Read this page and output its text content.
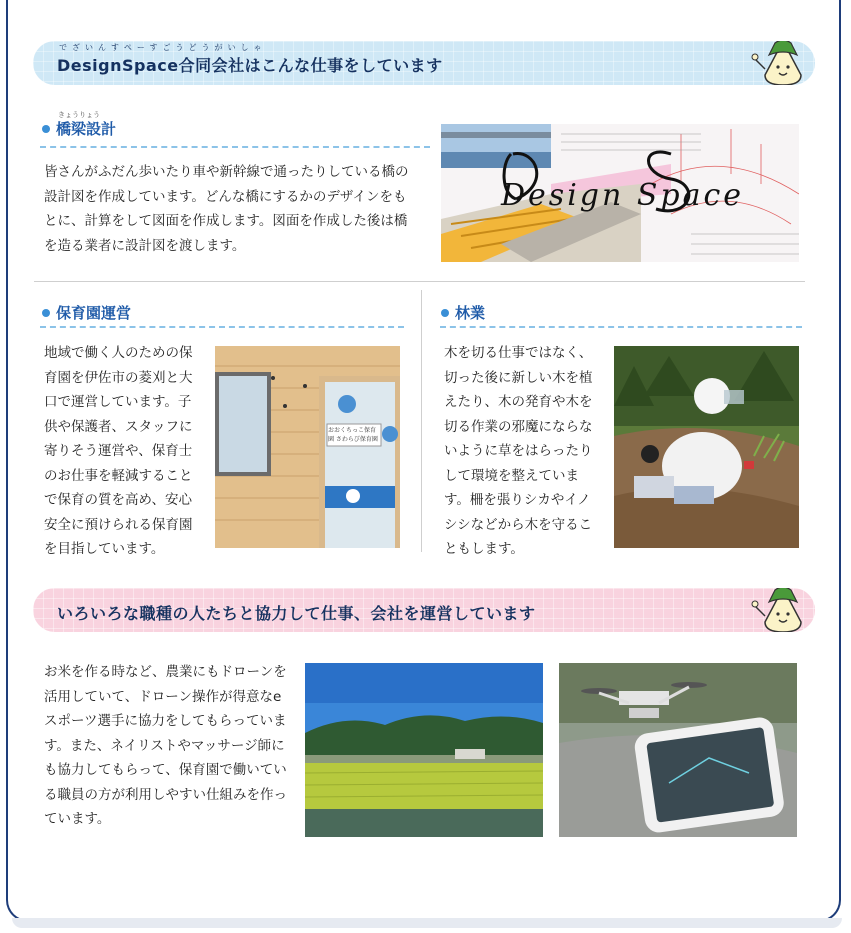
でざいんすぺーすごうどうがいしゃ
DesignSpace合同会社はこんな仕事をしています
きょうりょう
橋梁設計
皆さんがふだん歩いたり車や新幹線で通ったりしている橋の設計図を作成しています。どんな橋にするかのデザインをもとに、計算をして図面を作成します。図面を作成した後は橋を造る業者に設計図を渡します。
Design Space
保育園運営
地域で働く人のための保育園を伊佐市の菱刈と大口で運営しています。子供や保護者、スタッフに寄りそう運営や、保育士のお仕事を軽減することで保育の質を高め、安心安全に預けられる保育園を目指しています。
おおくちっこ保育園 さわらび保育園
林業
木を切る仕事ではなく、切った後に新しい木を植えたり、木の発育や木を切る作業の邪魔にならないように草をはらったりして環境を整えています。柵を張りシカやイノシシなどから木を守ることもします。
いろいろな職種の人たちと協力して仕事、会社を運営しています
お米を作る時など、農業にもドローンを活用していて、ドローン操作が得意なeスポーツ選手に協力をしてもらっています。また、ネイリストやマッサージ師にも協力してもらって、保育園で働いている職員の方が利用しやすい仕組みを作っています。
